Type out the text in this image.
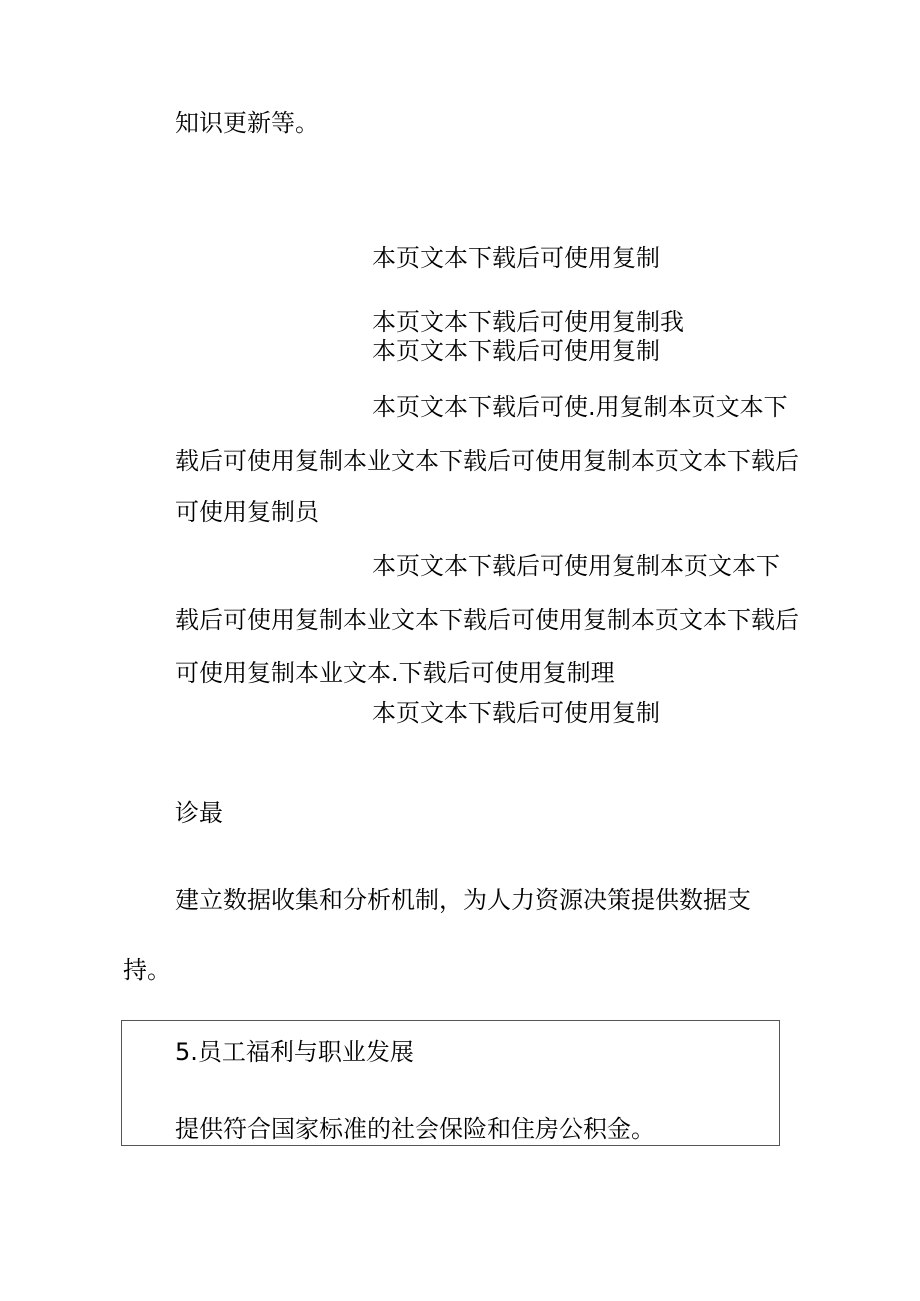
知识更新等。
本页文本下载后可使用复制
本页文本下载后可使用复制我
本页文本下载后可使用复制
本页文本下载后可使.用复制本页文本下
载后可使用复制本业文本下载后可使用复制本页文本下载后
可使用复制员
本页文本下载后可使用复制本页文本下
载后可使用复制本业文本下载后可使用复制本页文本下载后
可使用复制本业文本.下载后可使用复制理
本页文本下载后可使用复制
诊最
建立数据收集和分析机制，为人力资源决策提供数据支
持。
5.员工福利与职业发展
提供符合国家标准的社会保险和住房公积金。
